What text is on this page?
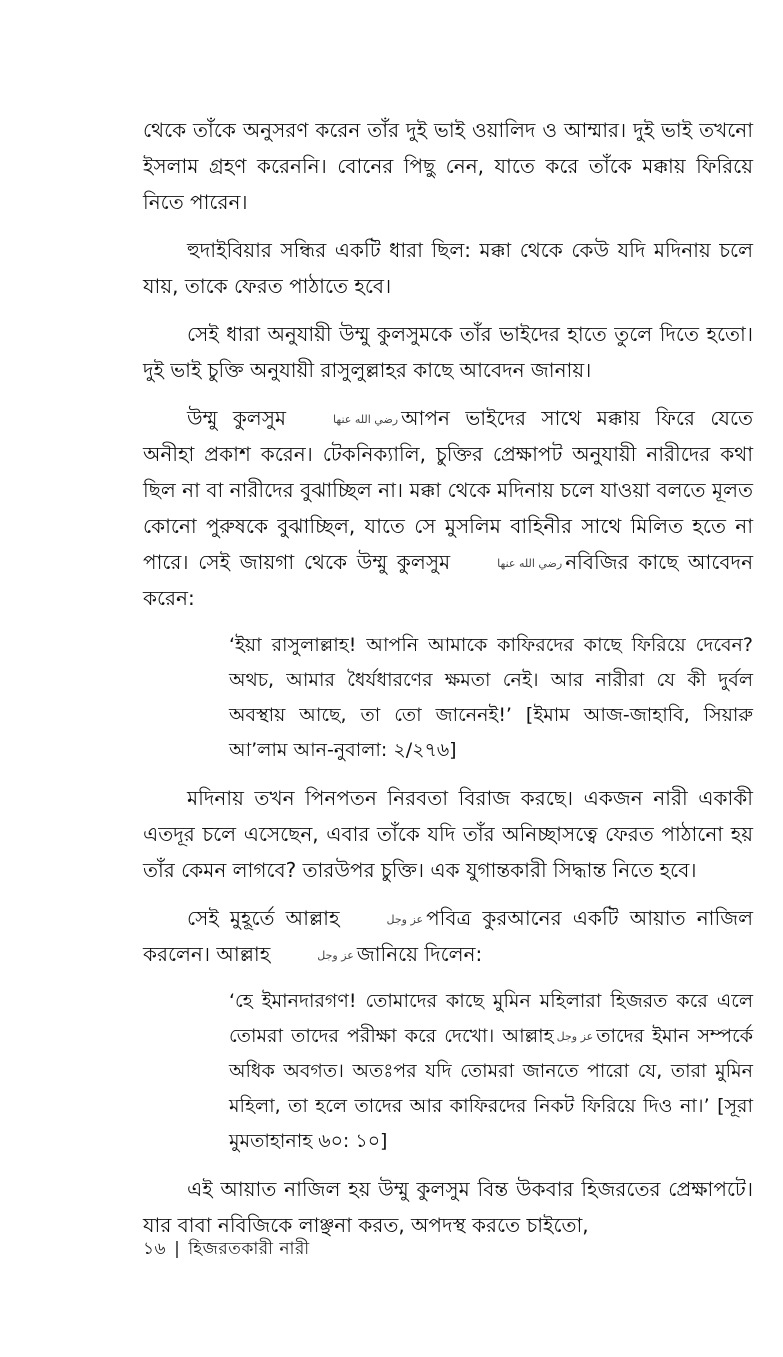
থেকে তাঁকে অনুসরণ করেন তাঁর দুই ভাই ওয়ালিদ ও আম্মার। দুই ভাই তখনো ইসলাম গ্রহণ করেননি। বোনের পিছু নেন, যাতে করে তাঁকে মক্কায় ফিরিয়ে নিতে পারেন।

হুদাইবিয়ার সন্ধির একটি ধারা ছিল: মক্কা থেকে কেউ যদি মদিনায় চলে যায়, তাকে ফেরত পাঠাতে হবে।

সেই ধারা অনুযায়ী উম্মু কুলসুমকে তাঁর ভাইদের হাতে তুলে দিতে হতো। দুই ভাই চুক্তি অনুযায়ী রাসুলুল্লাহর কাছে আবেদন জানায়।

উম্মু কুলসুম	رضي الله عنها আপন ভাইদের সাথে মক্কায় ফিরে যেতে অনীহা প্রকাশ করেন। টেকনিক্যালি, চুক্তির প্রেক্ষাপট অনুযায়ী নারীদের কথা ছিল না বা নারীদের বুঝাচ্ছিল না। মক্কা থেকে মদিনায় চলে যাওয়া বলতে মূলত কোনো পুরুষকে বুঝাচ্ছিল, যাতে সে মুসলিম বাহিনীর সাথে মিলিত হতে না পারে। সেই জায়গা থেকে উম্মু কুলসুম	رضي الله عنها নবিজির কাছে আবেদন করেন:

‘ইয়া রাসুলাল্লাহ! আপনি আমাকে কাফিরদের কাছে ফিরিয়ে দেবেন? অথচ, আমার ধৈর্যধারণের ক্ষমতা নেই। আর নারীরা যে কী দুর্বল অবস্থায় আছে, তা তো জানেনই!’ [ইমাম আজ-জাহাবি, সিয়ারু আ’লাম আন-নুবালা: ২/২৭৬]

মদিনায় তখন পিনপতন নিরবতা বিরাজ করছে। একজন নারী একাকী এতদূর চলে এসেছেন, এবার তাঁকে যদি তাঁর অনিচ্ছাসত্বে ফেরত পাঠানো হয় তাঁর কেমন লাগবে? তারউপর চুক্তি। এক যুগান্তকারী সিদ্ধান্ত নিতে হবে।

সেই মুহূর্তে আল্লাহ	عز وجل পবিত্র কুরআনের একটি আয়াত নাজিল করলেন। আল্লাহ	عز وجل জানিয়ে দিলেন:

‘হে ইমানদারগণ! তোমাদের কাছে মুমিন মহিলারা হিজরত করে এলে তোমরা তাদের পরীক্ষা করে দেখো। আল্লাহ عز وجل তাদের ইমান সম্পর্কে অধিক অবগত। অতঃপর যদি তোমরা জানতে পারো যে, তারা মুমিন মহিলা, তা হলে তাদের আর কাফিরদের নিকট ফিরিয়ে দিও না।’ [সূরা মুমতাহানাহ ৬০: ১০]

এই আয়াত নাজিল হয় উম্মু কুলসুম বিন্ত উকবার হিজরতের প্রেক্ষাপটে। যার বাবা নবিজিকে লাঞ্ছনা করত, অপদস্থ করতে চাইতো,

১৬ | হিজরতকারী নারী
